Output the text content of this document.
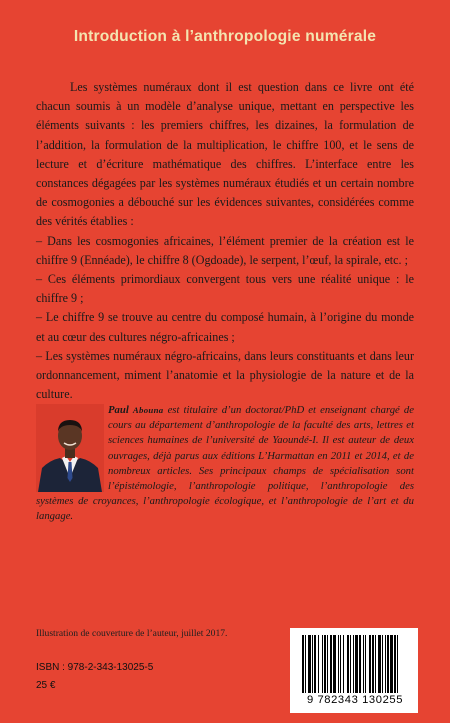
Introduction à l’anthropologie numérale

Les systèmes numéraux dont il est question dans ce livre ont été chacun soumis à un modèle d’analyse unique, mettant en perspective les éléments suivants : les premiers chiffres, les dizaines, la formulation de l’addition, la formulation de la multiplication, le chiffre 100, et le sens de lecture et d’écriture mathématique des chiffres. L’interface entre les constances dégagées par les systèmes numéraux étudiés et un certain nombre de cosmogonies a débouché sur les évidences suivantes, considérées comme des vérités établies :

– Dans les cosmogonies africaines, l’élément premier de la création est le chiffre 9 (Ennéade), le chiffre 8 (Ogdoade), le serpent, l’œuf, la spirale, etc. ;

– Ces éléments primordiaux convergent tous vers une réalité unique : le chiffre 9 ;

– Le chiffre 9 se trouve au centre du composé humain, à l’origine du monde et au cœur des cultures négro-africaines ;

– Les systèmes numéraux négro-africains, dans leurs constituants et dans leur ordonnancement, miment l’anatomie et la physiologie de la nature et de la culture.

Paul Abouna est titulaire d’un doctorat/PhD et enseignant chargé de cours au département d’anthropologie de la faculté des arts, lettres et sciences humaines de l’université de Yaoundé-I. Il est auteur de deux ouvrages, déjà parus aux éditions L’Harmattan en 2011 et 2014, et de nombreux articles. Ses principaux champs de spécialisation sont l’épistémologie, l’anthropologie politique, l’anthropologie des systèmes de croyances, l’anthropologie écologique, et l’anthropologie de l’art et du langage.
Illustration de couverture de l’auteur, juillet 2017.
ISBN : 978-2-343-13025-5
25 €
9 782343 130255
